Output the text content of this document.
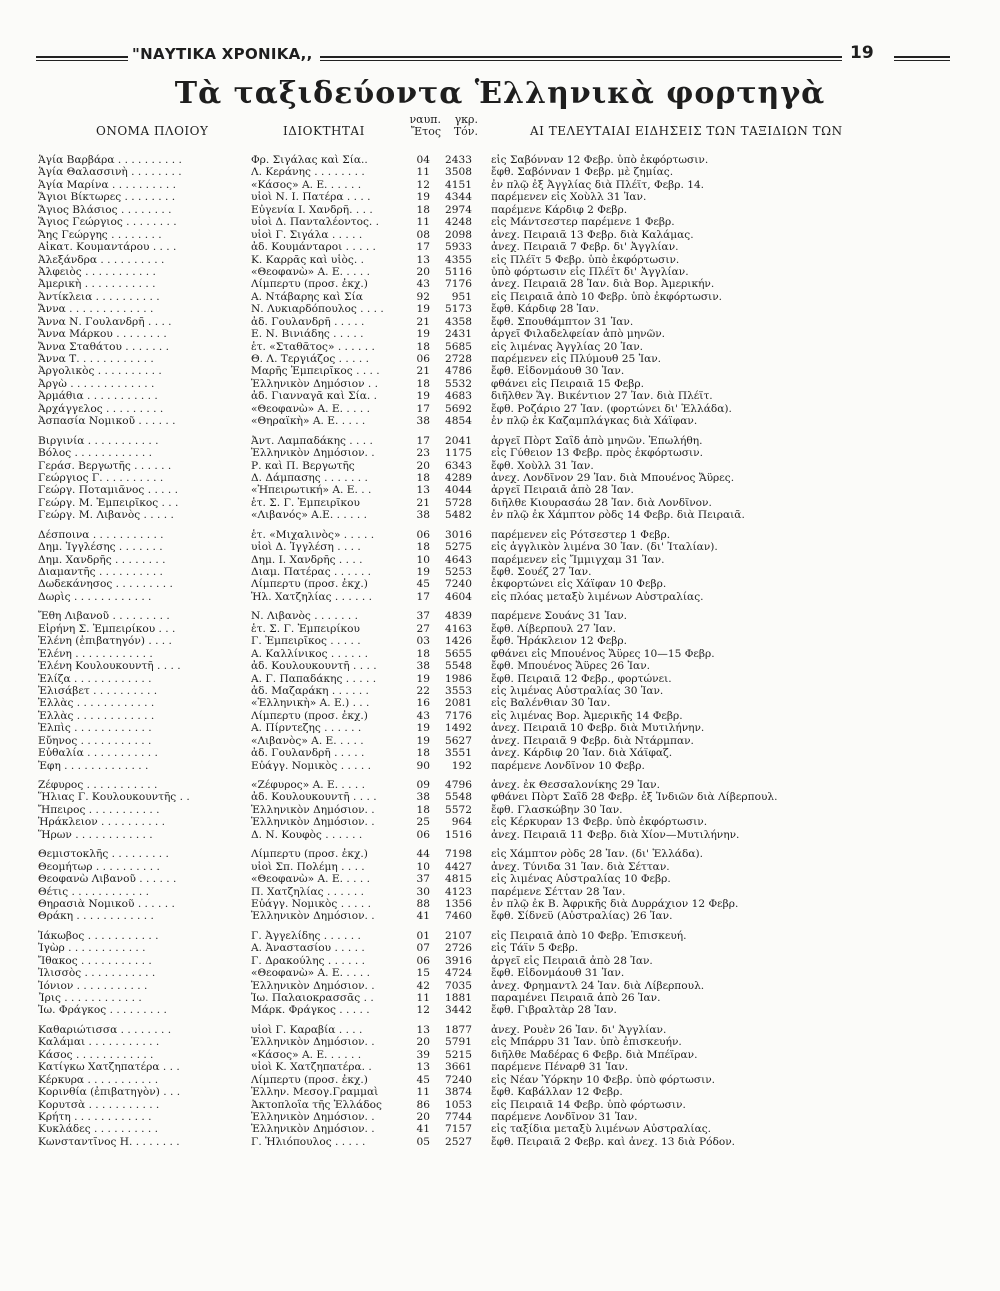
"ΝΑΥΤΙΚΑ ΧΡΟΝΙΚΑ,,	19
Τὰ ταξιδεύοντα Ἑλληνικὰ φορτηγὰ
ΟΝΟΜΑ ΠΛΟΙΟΥ	ΙΔΙΟΚΤΗΤΑΙ
ναυπ. Ἔτος
γκρ. Τόν.	ΑΙ ΤΕΛΕΥΤΑΙΑΙ ΕΙΔΗΣΕΙΣ ΤΩΝ ΤΑΞΙΔΙΩΝ ΤΩΝ
Ἁγία Βαρβάρα . . . . . . . . . .	Φρ. Σιγάλας καὶ Σία..	04	2433 εἰς Σαβόνναν 12 Φεβρ. ὑπὸ ἐκφόρτωσιν.
Ἁγία Θαλασσινὴ . . . . . . . .	Λ. Κεράνης . . . . . . . .	11	3508 ἔφθ. Σαβόνναν 1 Φεβρ. μὲ ζημίας.
Ἁγία Μαρίνα . . . . . . . . . .	«Κάσος» Α. Ε. . . . . .	12	4151 ἐν πλῷ ἐξ Ἀγγλίας διὰ Πλέϊτ, Φεβρ. 14.
Ἅγιοι Βίκτωρες . . . . . . . .	υἱοὶ Ν. Ι. Πατέρα . . . .	19	4344 παρέμενεν εἰς Χοὺλλ 31 Ἰαν.
Ἅγιος Βλάσιος . . . . . . . .	Εὐγενία Ι. Χανδρῆ. . . .	18	2974 παρέμενε Κάρδιφ 2 Φεβρ.
Ἅγιος Γεώργιος . . . . . . . .	υἱοὶ Δ. Πανταλέοντος. .	11	4248 εἰς Μάντσεστερ παρέμενε 1 Φεβρ.
Ἄης Γεώργης . . . . . . . .	υἱοὶ Γ. Σιγάλα . . . . .	08	2098 ἀνεχ. Πειραιᾶ 13 Φεβρ. διὰ Καλάμας.
Αἰκατ. Κουμαντάρου . . . .	ἀδ. Κουμάνταροι . . . . .	17	5933 ἀνεχ. Πειραιᾶ 7 Φεβρ. δι' Ἀγγλίαν.
Ἀλεξάνδρα . . . . . . . . . .	Κ. Καρρᾶς καὶ υἱὸς. .	13	4355 εἰς Πλέϊτ 5 Φεβρ. ὑπὸ ἐκφόρτωσιν.
Ἀλφειὸς . . . . . . . . . . .	«Θεοφανὼ» Α. Ε. . . . .	20	5116 ὑπὸ φόρτωσιν εἰς Πλέϊτ δι' Ἀγγλίαν.
Ἀμερικὴ . . . . . . . . . . .	Λίμπερτυ (προσ. ἐκχ.)	43	7176 ἀνεχ. Πειραιᾶ 28 Ἰαν. διὰ Βορ. Ἀμερικήν.
Ἀντίκλεια . . . . . . . . . .	Α. Ντάβαρης καὶ Σία	92	951 εἰς Πειραιᾶ ἀπὸ 10 Φεβρ. ὑπὸ ἐκφόρτωσιν.
Ἄννα . . . . . . . . . . . . .	Ν. Λυκιαρδόπουλος . . . .	19	5173 ἔφθ. Κάρδιφ 28 Ἰαν.
Ἄννα Ν. Γουλανδρῆ . . . .	ἀδ. Γουλανδρῆ . . . . .	21	4358 ἔφθ. Σπουθάμπτον 31 Ἰαν.
Ἄννα Μάρκου . . . . . . . .	Ε. Ν. Βινιάδης . . . . .	19	2431 ἀργεῖ Φιλαδελφείαν ἀπὸ μηνῶν.
Ἄννα Σταθάτου . . . . . . .	ἑτ. «Σταθᾶτος» . . . . . .	18	5685 εἰς λιμένας Ἀγγλίας 20 Ἰαν.
Ἄννα Τ. . . . . . . . . . . .	Θ. Λ. Τεργιάζος . . . . .	06	2728 παρέμενεν εἰς Πλύμουθ 25 Ἰαν.
Ἀργολικὸς . . . . . . . . . .	Μαρῆς Ἐμπειρῖκος . . . .	21	4786 ἔφθ. Εἰδονμάουθ 30 Ἰαν.
Ἀργὼ . . . . . . . . . . . . .	Ἑλληνικὸν Δημόσιον . .	18	5532 φθάνει εἰς Πειραιᾶ 15 Φεβρ.
Ἀρμάθια . . . . . . . . . . .	ἀδ. Γιανναγᾶ καὶ Σία. .	19	4683 διῆλθεν Ἅγ. Βικέντιον 27 Ἰαν. διὰ Πλέϊτ.
Ἀρχάγγελος . . . . . . . . .	«Θεοφανὼ» Α. Ε. . . . .	17	5692 ἔφθ. Ροζάριο 27 Ἰαν. (φορτώνει δι' Ἑλλάδα).
Ἀσπασία Νομικοῦ . . . . . .	«Θηραϊκὴ» Α. Ε. . . . .	38	4854 ἐν πλῷ ἐκ Καζαμπλάγκας διὰ Χάϊφαν.
Βιργινία . . . . . . . . . . .	Ἀντ. Λαμπαδάκης . . . .	17	2041 ἀργεῖ Πὸρτ Σαῒδ ἀπὸ μηνῶν. Ἐπωλήθη.
Βόλος . . . . . . . . . . . .	Ἑλληνικὸν Δημόσιον. .	23	1175 εἰς Γύθειον 13 Φεβρ. πρὸς ἐκφόρτωσιν.
Γεράσ. Βεργωτῆς . . . . . .	Ρ. καὶ Π. Βεργωτῆς	20	6343 ἔφθ. Χοὺλλ 31 Ἰαν.
Γεώργιος Γ. . . . . . . . . .	Δ. Δάμπασης . . . . . . .	18	4289 ἀνεχ. Λονδῖνον 29 Ἰαν. διὰ Μπουένος Ἄϋρες.
Γεώργ. Ποταμιᾶνος . . . . .	«Ἠπειρωτική» Α. Ε. . .	13	4044 ἀργεῖ Πειραιᾶ ἀπὸ 28 Ἰαν.
Γεώργ. Μ. Ἐμπειρῖκος . . .	ἑτ. Σ. Γ. Ἐμπειρῖκου	21	5728 διῆλθε Κιουρασάω 28 Ἰαν. διὰ Λονδῖνον.
Γεώργ. Μ. Λιβανὸς . . . . .	«Λιβανός» Α.Ε. . . . . .	38	5482 ἐν πλῷ ἐκ Χάμπτον ρὸδς 14 Φεβρ. διὰ Πειραιᾶ.
Δέσποινα . . . . . . . . . . .	ἑτ. «Μιχαλινὸς» . . . . .	06	3016 παρέμενεν εἰς Ρότσεστερ 1 Φεβρ.
Δημ. Ἰγγλέσης . . . . . . .	υἱοὶ Δ. Ἰγγλέση . . . .	18	5275 εἰς ἀγγλικὸν λιμένα 30 Ἰαν. (δι' Ἰταλίαν).
Δημ. Χανδρῆς . . . . . . . .	Δημ. Ι. Χανδρῆς . . . .	10	4643 παρέμενεν εἰς Ἴμμιγχαμ 31 Ἰαν.
Διαμαντῆς . . . . . . . . . .	Διαμ. Πατέρας . . . . . .	19	5253 ἔφθ. Σουέζ 27 Ἰαν.
Δωδεκάνησος . . . . . . . . .	Λίμπερτυ (προσ. ἐκχ.)	45	7240 ἐκφορτώνει εἰς Χάϊφαν 10 Φεβρ.
Δωρὶς . . . . . . . . . . . .	Ἡλ. Χατζηλίας . . . . . .	17	4604 εἰς πλόας μεταξὺ λιμένων Αὐστραλίας.
Ἔθη Λιβανοῦ . . . . . . . . .	Ν. Λιβανὸς . . . . . . .	37	4839 παρέμενε Σουάνς 31 Ἰαν.
Εἰρήνη Σ. Ἐμπειρίκου . . .	ἑτ. Σ. Γ. Ἐμπειρίκου	27	4163 ἔφθ. Λίβερπουλ 27 Ἰαν.
Ἑλένη (ἐπιβατηγόν) . . . .	Γ. Ἐμπειρῖκος . . . . .	03	1426 ἔφθ. Ἡράκλειον 12 Φεβρ.
Ἑλένη . . . . . . . . . . . .	Α. Καλλίνικος . . . . . .	18	5655 φθάνει εἰς Μπουένος Ἄϋρες 10—15 Φεβρ.
Ἑλένη Κουλουκουντῆ . . . .	ἀδ. Κουλουκουντῆ . . . .	38	5548 ἔφθ. Μπουένος Ἄϋρες 26 Ἰαν.
Ἑλίζα . . . . . . . . . . . .	Α. Γ. Παπαδάκης . . . . .	19	1986 ἔφθ. Πειραιᾶ 12 Φεβρ., φορτώνει.
Ἐλισάβετ . . . . . . . . . .	ἀδ. Μαζαράκη . . . . . .	22	3553 εἰς λιμένας Αὐστραλίας 30 Ἰαν.
Ἑλλὰς . . . . . . . . . . . .	«Ἑλληνικὴ» Α. Ε.) . . .	16	2081 εἰς Βαλένθιαν 30 Ἰαν.
Ἑλλὰς . . . . . . . . . . . .	Λίμπερτυ (προσ. ἐκχ.)	43	7176 εἰς λιμένας Βορ. Ἀμερικῆς 14 Φεβρ.
Ἐλπὶς . . . . . . . . . . . .	Α. Πίρντεζης . . . . . .	19	1492 ἀνεχ. Πειραιᾶ 10 Φεβρ. διὰ Μυτιλήνην.
Εὔηνος . . . . . . . . . . .	«Λιβανὸς» Α. Ε. . . . .	19	5627 ἀνεχ. Πειραιᾶ 9 Φεβρ. διὰ Ντάρμπαν.
Εὐθαλία . . . . . . . . . . .	ἀδ. Γουλανδρῆ . . . . .	18	3551 ἀνεχ. Κάρδιφ 20 Ἰαν. διὰ Χάϊφαζ.
Ἐφη . . . . . . . . . . . . .	Εὐάγγ. Νομικὸς . . . . .	90	192 παρέμενε Λονδῖνον 10 Φεβρ.
Ζέφυρος . . . . . . . . . . .	«Ζέφυρος» Α. Ε. . . . .	09	4796 ἀνεχ. ἐκ Θεσσαλονίκης 29 Ἰαν.
Ἥλιας Γ. Κουλουκουντῆς . .	ἀδ. Κουλουκουντῆ . . . .	38	5548 φθάνει Πὸρτ Σαῒδ 28 Φεβρ. ἐξ Ἰνδιῶν διὰ Λίβερπουλ.
Ἤπειρος . . . . . . . . . . .	Ἑλληνικὸν Δημόσιον. .	18	5572 ἔφθ. Γλασκώβην 30 Ἰαν.
Ἡράκλειον . . . . . . . . . .	Ἑλληνικὸν Δημόσιον. .	25	964 εἰς Κέρκυραν 13 Φεβρ. ὑπὸ ἐκφόρτωσιν.
Ἥρων . . . . . . . . . . . .	Δ. Ν. Κουφὸς . . . . . .	06	1516 ἀνεχ. Πειραιᾶ 11 Φεβρ. διὰ Χίον—Μυτιλήνην.
Θεμιστοκλῆς . . . . . . . . .	Λίμπερτυ (προσ. ἐκχ.)	44	7198 εἰς Χάμπτον ρὸδς 28 Ἰαν. (δι' Ἑλλάδα).
Θεομήτωρ . . . . . . . . . .	υἱοὶ Σπ. Πολέμη . . . .	10	4427 ἀνεχ. Τύνιδα 31 Ἰαν. διὰ Σέτταν.
Θεοφανὼ Λιβανοῦ . . . . . .	«Θεοφανὼ» Α. Ε. . . . .	37	4815 εἰς λιμένας Αὐστραλίας 10 Φεβρ.
Θέτις . . . . . . . . . . . .	Π. Χατζηλίας . . . . . .	30	4123 παρέμενε Σέτταν 28 Ἰαν.
Θηρασιὰ Νομικοῦ . . . . . .	Εὐάγγ. Νομικὸς . . . . .	88	1356 ἐν πλῷ ἐκ Β. Ἀφρικῆς διὰ Δυρράχιον 12 Φεβρ.
Θράκη . . . . . . . . . . . .	Ἑλληνικὸν Δημόσιον. .	41	7460 ἔφθ. Σίδνεϋ (Αὐστραλίας) 26 Ἰαν.
Ἰάκωβος . . . . . . . . . . .	Γ. Ἀγγελίδης . . . . . .	01	2107 εἰς Πειραιᾶ ἀπὸ 10 Φεβρ. Ἐπισκευή.
Ἰγὼρ . . . . . . . . . . . .	Α. Ἀναστασίου . . . . .	07	2726 εἰς Τάϊν 5 Φεβρ.
Ἴθακος . . . . . . . . . . .	Γ. Δρακούλης . . . . . .	06	3916 ἀργεῖ εἰς Πειραιᾶ ἀπὸ 28 Ἰαν.
Ἰλισσὸς . . . . . . . . . . .	«Θεοφανὼ» Α. Ε. . . . .	15	4724 ἔφθ. Εἰδονμάουθ 31 Ἰαν.
Ἰόνιον . . . . . . . . . . .	Ἑλληνικὸν Δημόσιον. .	42	7035 ἀνεχ. Φρημαντλ 24 Ἰαν. διὰ Λίβερπουλ.
Ἶρις . . . . . . . . . . . .	Ἰω. Παλαιοκρασσᾶς . .	11	1881 παραμένει Πειραιᾶ ἀπὸ 26 Ἰαν.
Ἰω. Φράγκος . . . . . . . . .	Μάρκ. Φράγκος . . . . .	12	3442 ἔφθ. Γιβραλτὰρ 28 Ἰαν.
Καθαριώτισσα . . . . . . . .	υἱοὶ Γ. Καραβία . . . .	13	1877 ἀνεχ. Ρουὲν 26 Ἰαν. δι' Ἀγγλίαν.
Καλάμαι . . . . . . . . . . .	Ἑλληνικὸν Δημόσιον. .	20	5791 εἰς Μπάρρυ 31 Ἰαν. ὑπὸ ἐπισκευήν.
Κάσος . . . . . . . . . . . .	«Κάσος» Α. Ε. . . . . .	39	5215 διῆλθε Μαδέρας 6 Φεβρ. διὰ Μπέϊραν.
Κατίγκω Χατζηπατέρα . . .	υἱοὶ Κ. Χατζηπατέρα. .	13	3661 παρέμενε Πέναρθ 31 Ἰαν.
Κέρκυρα . . . . . . . . . . .	Λίμπερτυ (προσ. ἐκχ.)	45	7240 εἰς Νέαν Ὑόρκην 10 Φεβρ. ὑπὸ φόρτωσιν.
Κορινθία (ἐπιβατηγὸν) . . .	Ἑλλην. Μεσογ.Γραμμαὶ	11	3874 ἔφθ. Καβάλλαν 12 Φεβρ.
Κορυτσὰ . . . . . . . . . . .	Ἀκτοπλοΐα τῆς Ἑλλάδος	86	1053 εἰς Πειραιᾶ 14 Φεβρ. ὑπὸ φόρτωσιν.
Κρήτη . . . . . . . . . . . .	Ἑλληνικὸν Δημόσιον. .	20	7744 παρέμενε Λονδῖνον 31 Ἰαν.
Κυκλάδες . . . . . . . . . .	Ἑλληνικὸν Δημόσιον. .	41	7157 εἰς ταξίδια μεταξὺ λιμένων Αὐστραλίας.
Κωνσταντῖνος Η. . . . . . . .	Γ. Ἡλιόπουλος . . . . .	05	2527 ἔφθ. Πειραιᾶ 2 Φεβρ. καὶ ἀνεχ. 13 διὰ Ρόδον.
